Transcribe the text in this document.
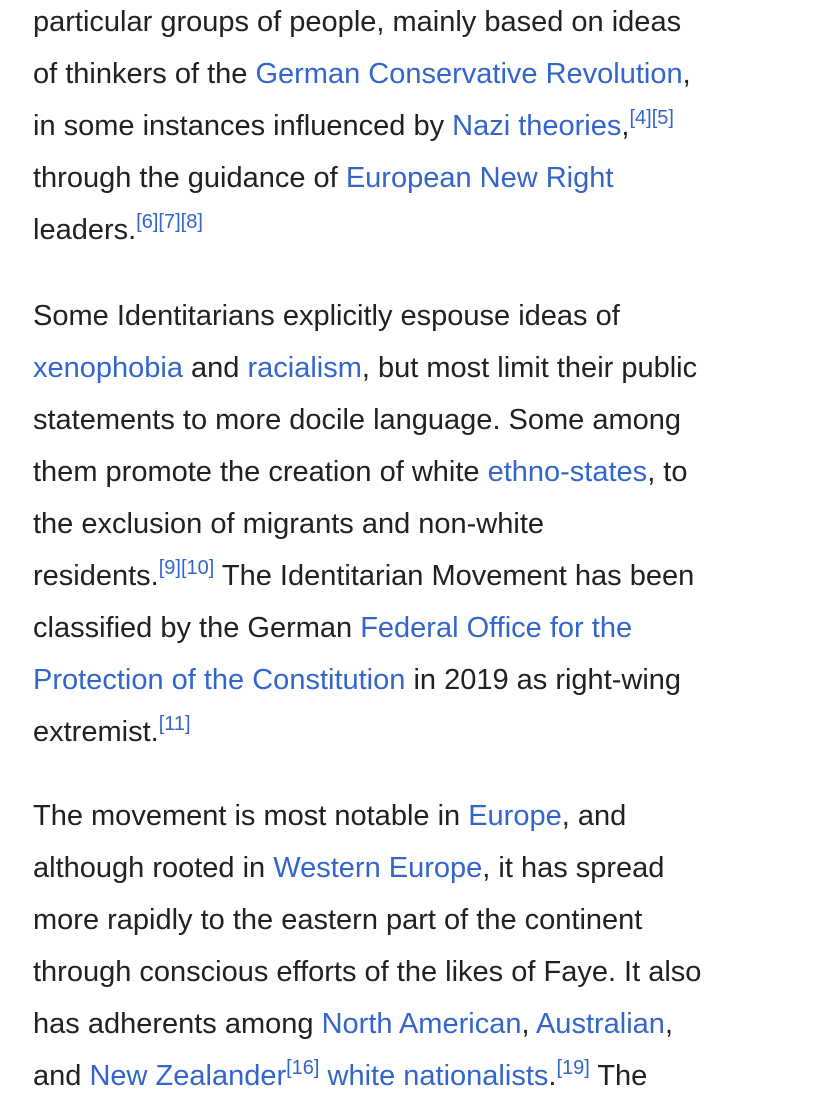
particular groups of people, mainly based on ideas
of thinkers of the German Conservative Revolution,
in some instances influenced by Nazi theories,[4][5]
through the guidance of European New Right
leaders.[6][7][8]
Some Identitarians explicitly espouse ideas of
xenophobia and racialism, but most limit their public
statements to more docile language. Some among
them promote the creation of white ethno-states, to
the exclusion of migrants and non-white
residents.[9][10] The Identitarian Movement has been
classified by the German Federal Office for the
Protection of the Constitution in 2019 as right-wing
extremist.[11]
The movement is most notable in Europe, and
although rooted in Western Europe, it has spread
more rapidly to the eastern part of the continent
through conscious efforts of the likes of Faye. It also
has adherents among North American, Australian,
and New Zealander[16] white nationalists.[19] The
